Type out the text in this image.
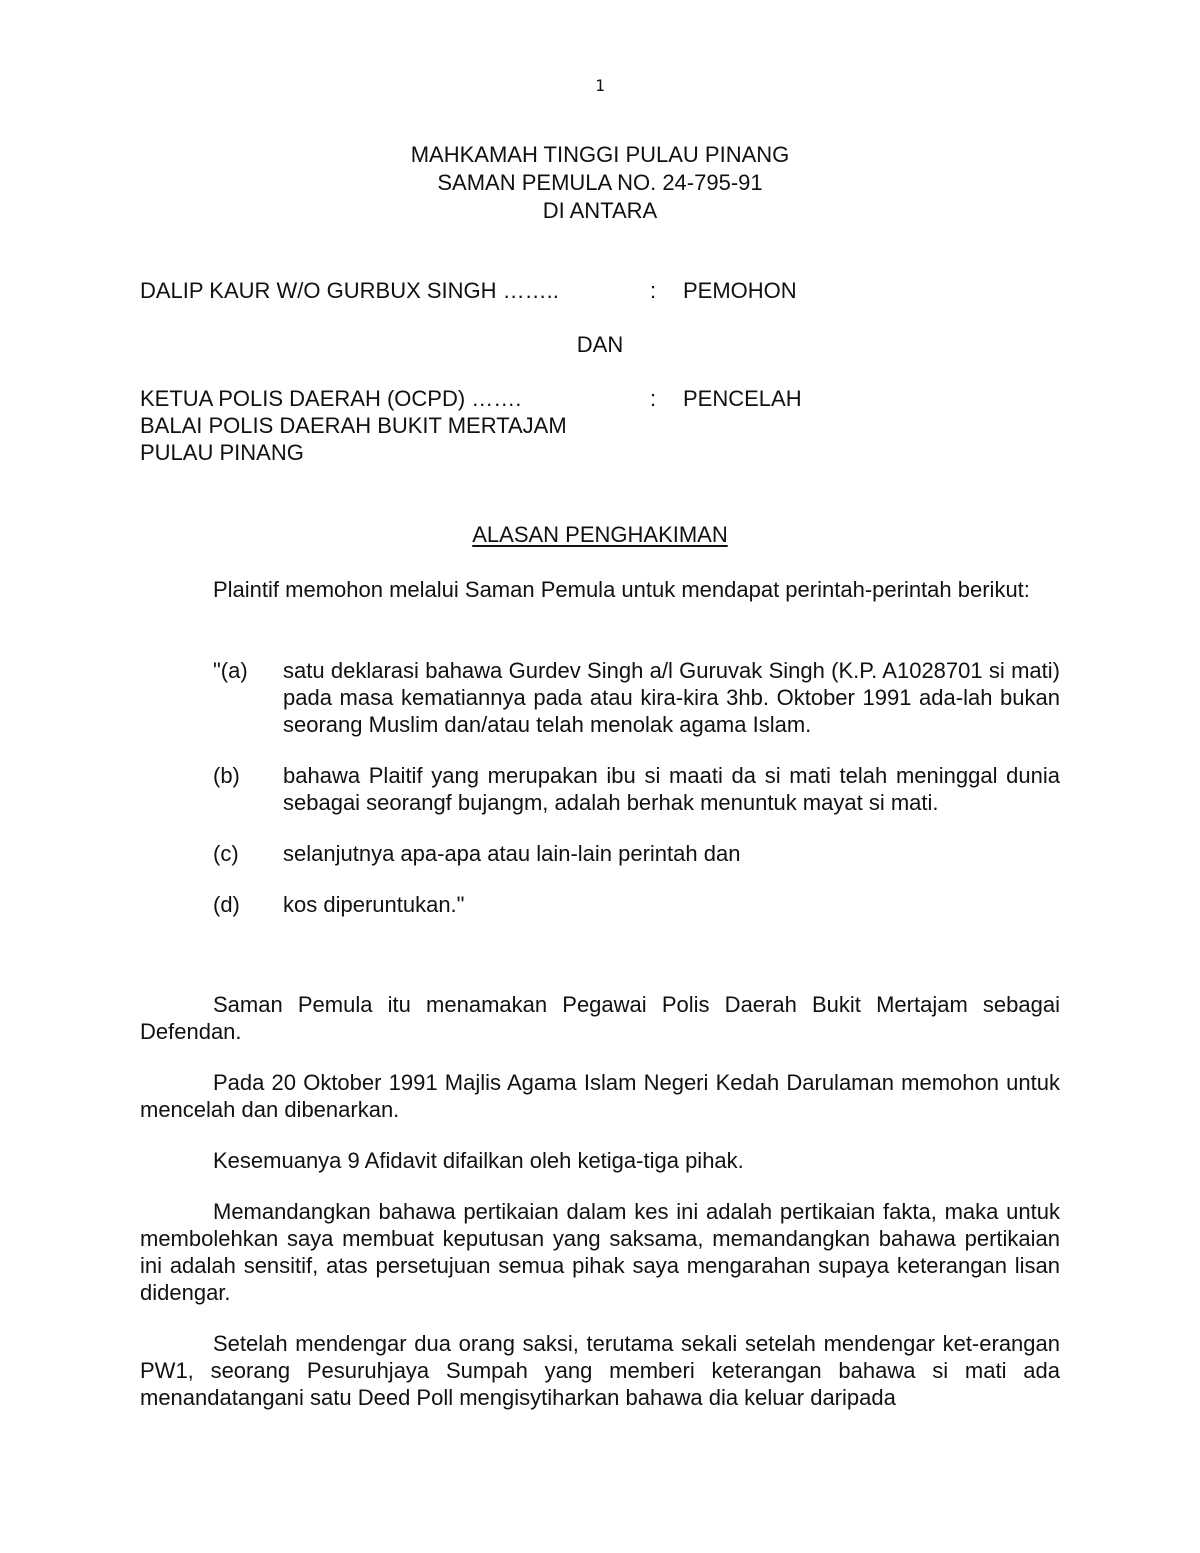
1
MAHKAMAH TINGGI PULAU PINANG
SAMAN PEMULA NO. 24-795-91
DI ANTARA
DALIP KAUR W/O GURBUX SINGH ……..	: PEMOHON
DAN
KETUA POLIS DAERAH (OCPD) …….	: PENCELAH
BALAI POLIS DAERAH BUKIT MERTAJAM
PULAU PINANG
ALASAN PENGHAKIMAN

Plaintif memohon melalui Saman Pemula untuk mendapat perintah-perintah berikut:

"(a) satu deklarasi bahawa Gurdev Singh a/l Guruvak Singh (K.P. A1028701 si mati) pada masa kematiannya pada atau kira-kira 3hb. Oktober 1991 ada-lah bukan seorang Muslim dan/atau telah menolak agama Islam.
(b) bahawa Plaitif yang merupakan ibu si maati da si mati telah meninggal dunia sebagai seorangf bujangm, adalah berhak menuntuk mayat si mati.
(c) selanjutnya apa-apa atau lain-lain perintah dan
(d) kos diperuntukan."

Saman Pemula itu menamakan Pegawai Polis Daerah Bukit Mertajam sebagai Defendan.

Pada 20 Oktober 1991 Majlis Agama Islam Negeri Kedah Darulaman memohon untuk mencelah dan dibenarkan.

Kesemuanya 9 Afidavit difailkan oleh ketiga-tiga pihak.

Memandangkan bahawa pertikaian dalam kes ini adalah pertikaian fakta, maka untuk membolehkan saya membuat keputusan yang saksama, memandangkan bahawa pertikaian ini adalah sensitif, atas persetujuan semua pihak saya mengarahan supaya keterangan lisan didengar.

Setelah mendengar dua orang saksi, terutama sekali setelah mendengar ket-erangan PW1, seorang Pesuruhjaya Sumpah yang memberi keterangan bahawa si mati ada menandatangani satu Deed Poll mengisytiharkan bahawa dia keluar daripada
